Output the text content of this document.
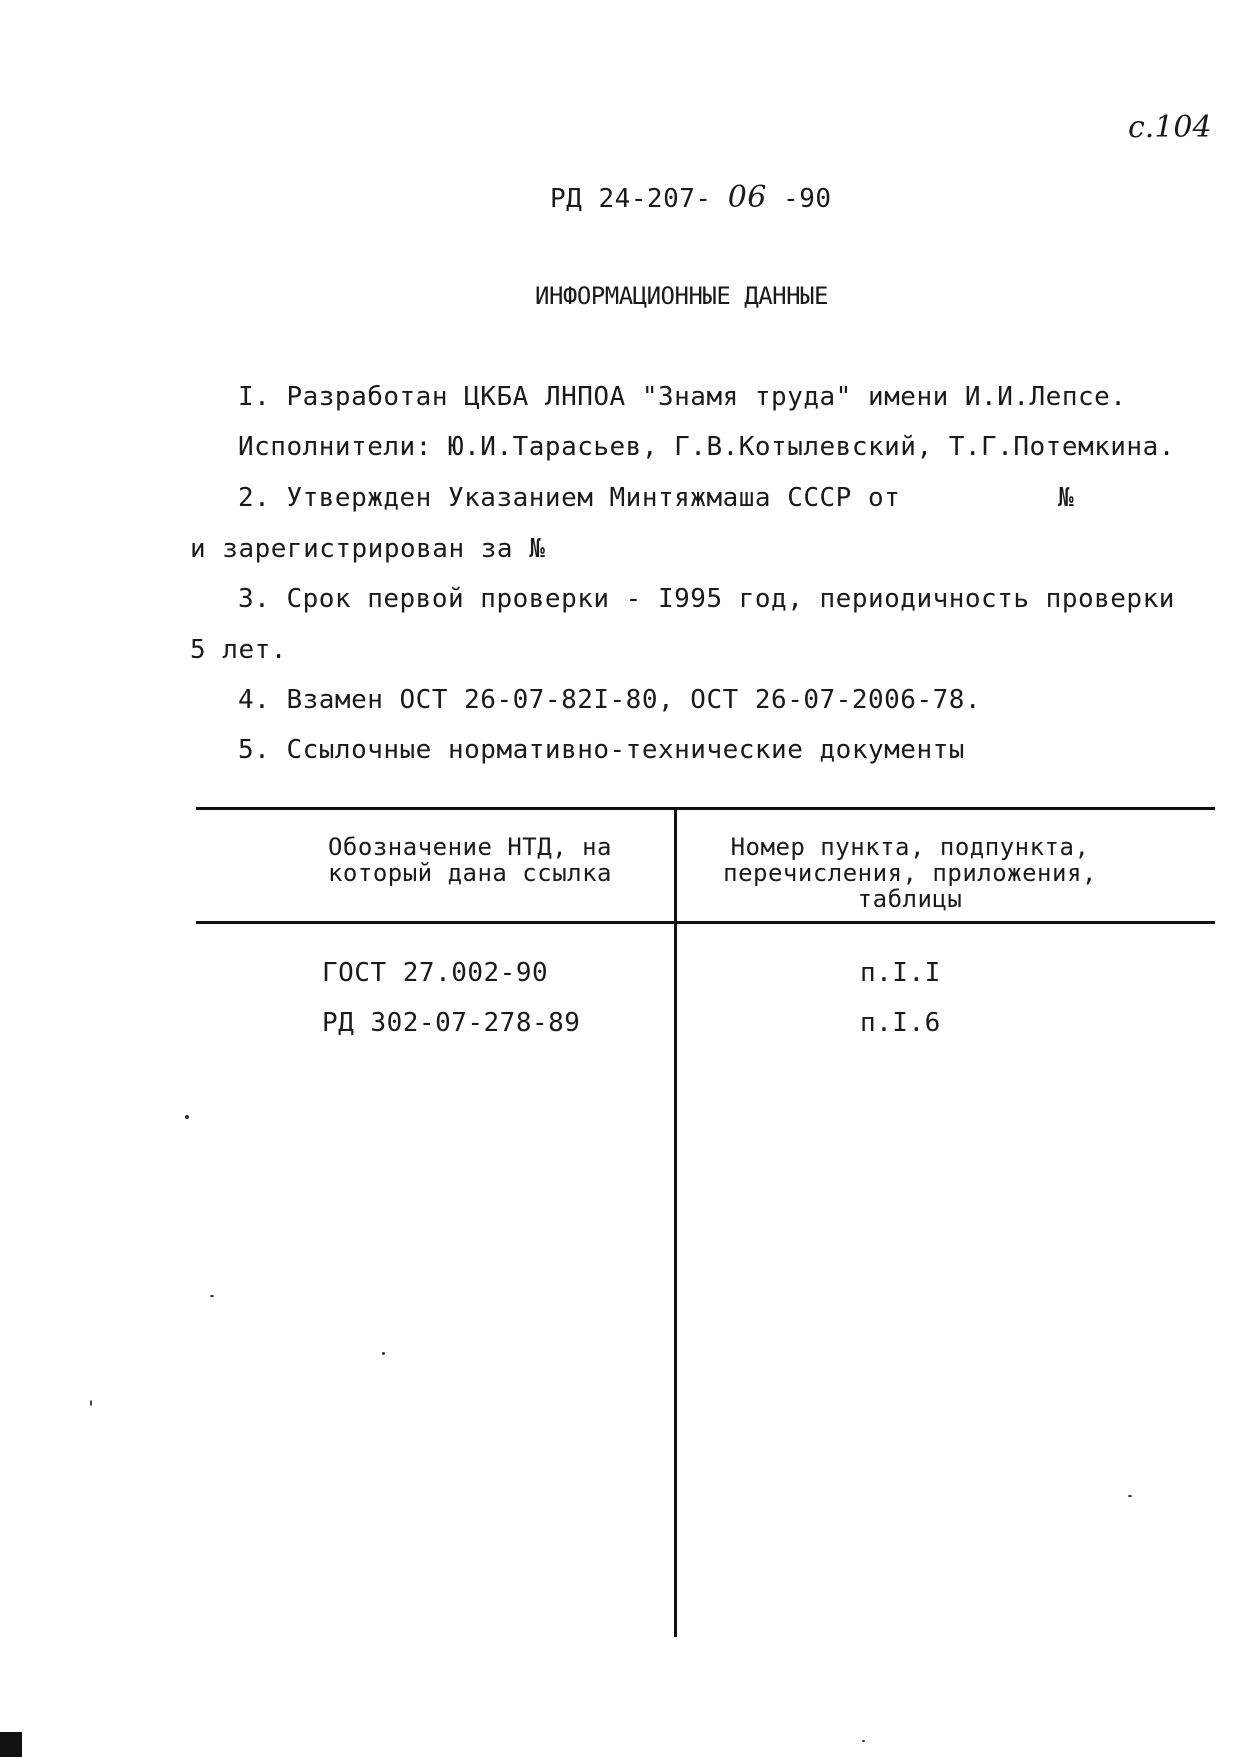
с.104
РД 24-207- 06 -90
ИНФОРМАЦИОННЫЕ ДАННЫЕ
I. Разработан ЦКБА ЛНПОА "Знамя труда" имени И.И.Лепсе.
Исполнители: Ю.И.Тарасьев, Г.В.Котылевский, Т.Г.Потемкина.
2. Утвержден Указанием Минтяжмаша СССР от	№
и зарегистрирован за №
3. Срок первой проверки - I995 год, периодичность проверки
5 лет.
4. Взамен ОСТ 26-07-82I-80, ОСТ 26-07-2006-78.
5. Ссылочные нормативно-технические документы
Обозначение НТД, на который дана ссылка
Номер пункта, подпункта, перечисления, приложения, таблицы
ГОСТ 27.002-90	п.I.I
РД 302-07-278-89	п.I.6
